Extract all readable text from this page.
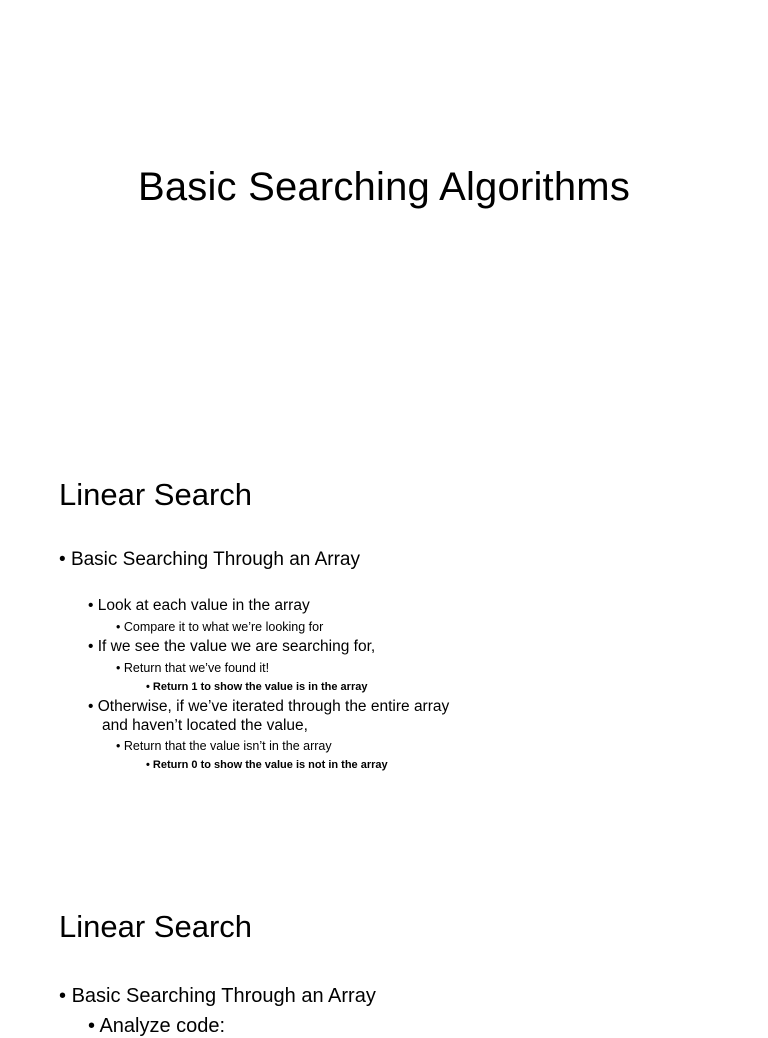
Basic Searching Algorithms
Linear Search

• Basic Searching Through an Array

• Look at each value in the array

• Compare it to what we’re looking for

• If we see the value we are searching for,

• Return that we’ve found it!

• Return 1 to show the value is in the array

• Otherwise, if we’ve iterated through the entire array

and haven’t located the value,

• Return that the value isn’t in the array

• Return 0 to show the value is not in the array

Linear Search

• Basic Searching Through an Array

• Analyze code:
